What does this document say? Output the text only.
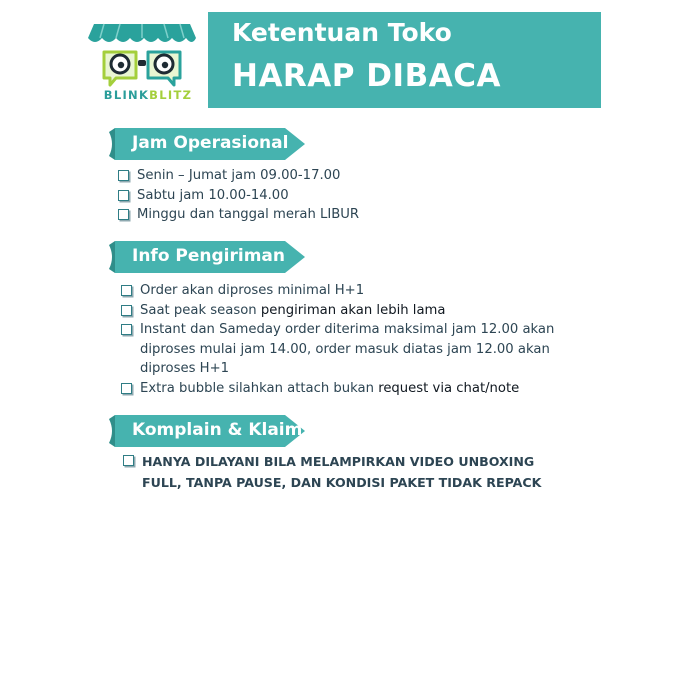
BLINKBLITZ
Ketentuan Toko
HARAP DIBACA
Jam Operasional
Senin – Jumat jam 09.00-17.00
Sabtu jam 10.00-14.00
Minggu dan tanggal merah LIBUR
Info Pengiriman
Order akan diproses minimal H+1
Saat peak season pengiriman akan lebih lama
Instant dan Sameday order diterima maksimal jam 12.00 akan diproses mulai jam 14.00, order masuk diatas jam 12.00 akan diproses H+1
Extra bubble silahkan attach bukan request via chat/note
Komplain & Klaim
HANYA DILAYANI BILA MELAMPIRKAN VIDEO UNBOXING FULL, TANPA PAUSE, DAN KONDISI PAKET TIDAK REPACK
